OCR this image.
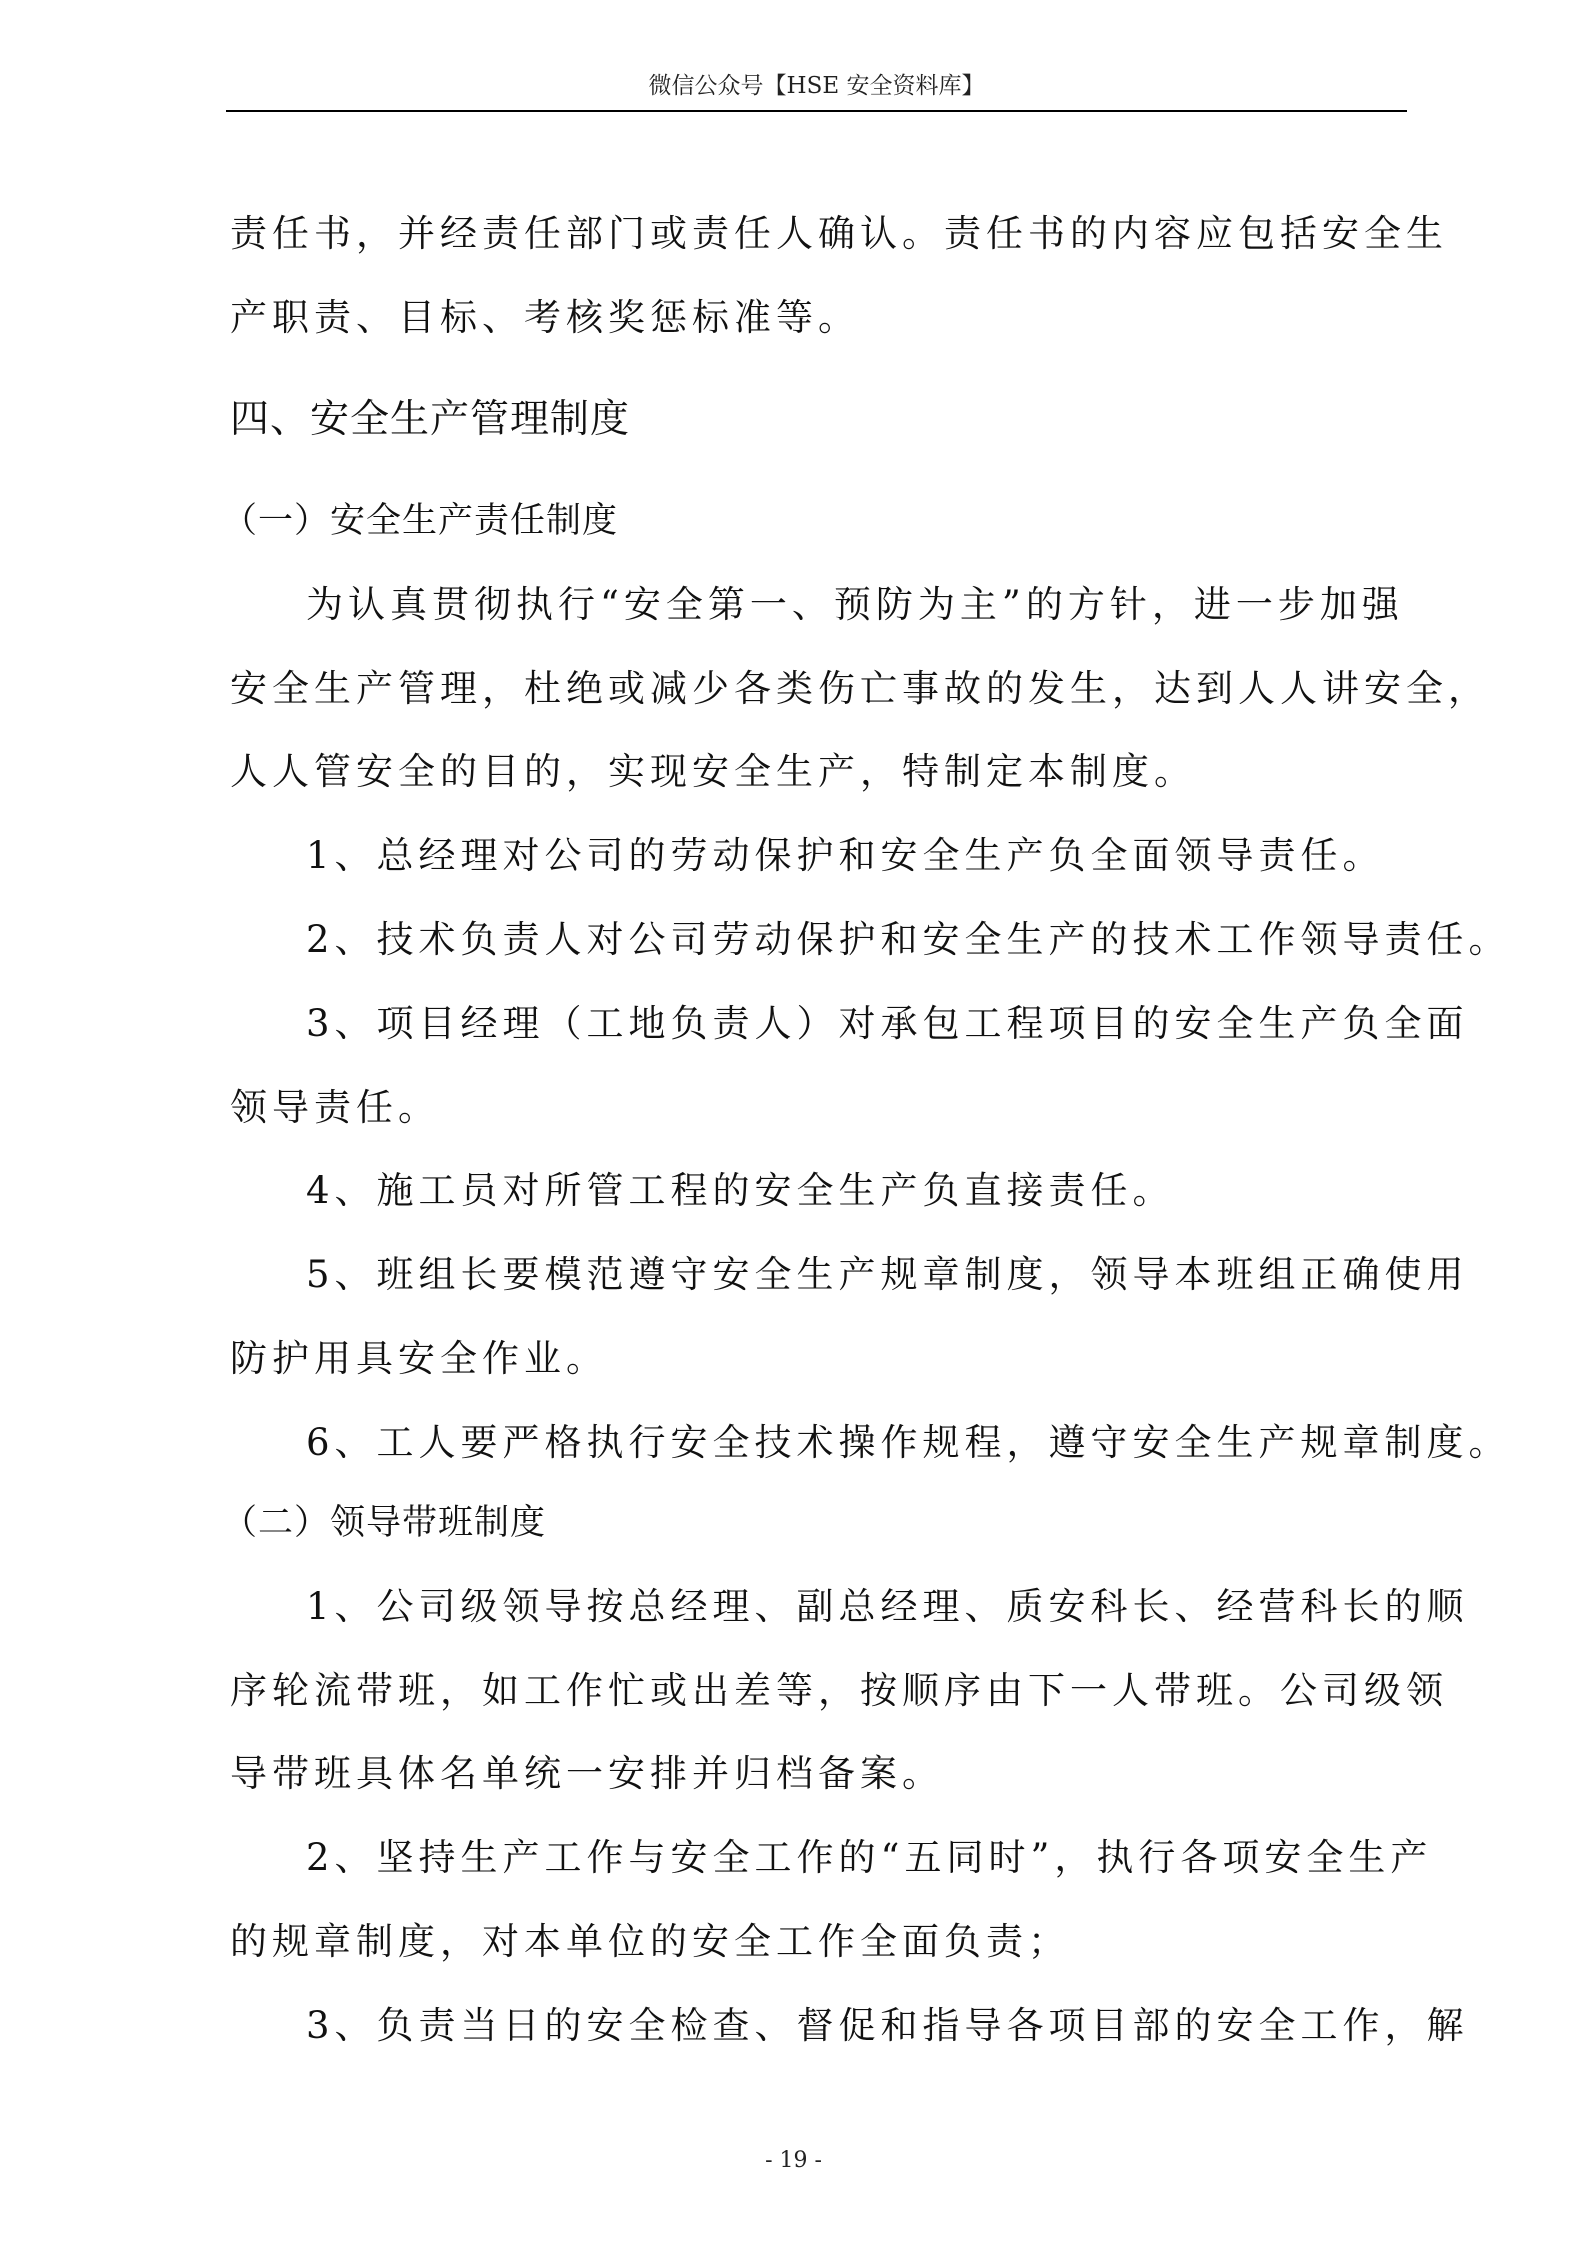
微信公众号【HSE 安全资料库】
责任书，并经责任部门或责任人确认。责任书的内容应包括安全生
产职责、目标、考核奖惩标准等。
四、安全生产管理制度
（一）安全生产责任制度
为认真贯彻执行“安全第一、预防为主”的方针，进一步加强
安全生产管理，杜绝或减少各类伤亡事故的发生，达到人人讲安全，
人人管安全的目的，实现安全生产，特制定本制度。
1、总经理对公司的劳动保护和安全生产负全面领导责任。
2、技术负责人对公司劳动保护和安全生产的技术工作领导责任。
3、项目经理（工地负责人）对承包工程项目的安全生产负全面
领导责任。
4、施工员对所管工程的安全生产负直接责任。
5、班组长要模范遵守安全生产规章制度，领导本班组正确使用
防护用具安全作业。
6、工人要严格执行安全技术操作规程，遵守安全生产规章制度。
（二）领导带班制度
1、公司级领导按总经理、副总经理、质安科长、经营科长的顺
序轮流带班，如工作忙或出差等，按顺序由下一人带班。公司级领
导带班具体名单统一安排并归档备案。
2、坚持生产工作与安全工作的“五同时”，执行各项安全生产
的规章制度，对本单位的安全工作全面负责；
3、负责当日的安全检查、督促和指导各项目部的安全工作，解
- 19 -
